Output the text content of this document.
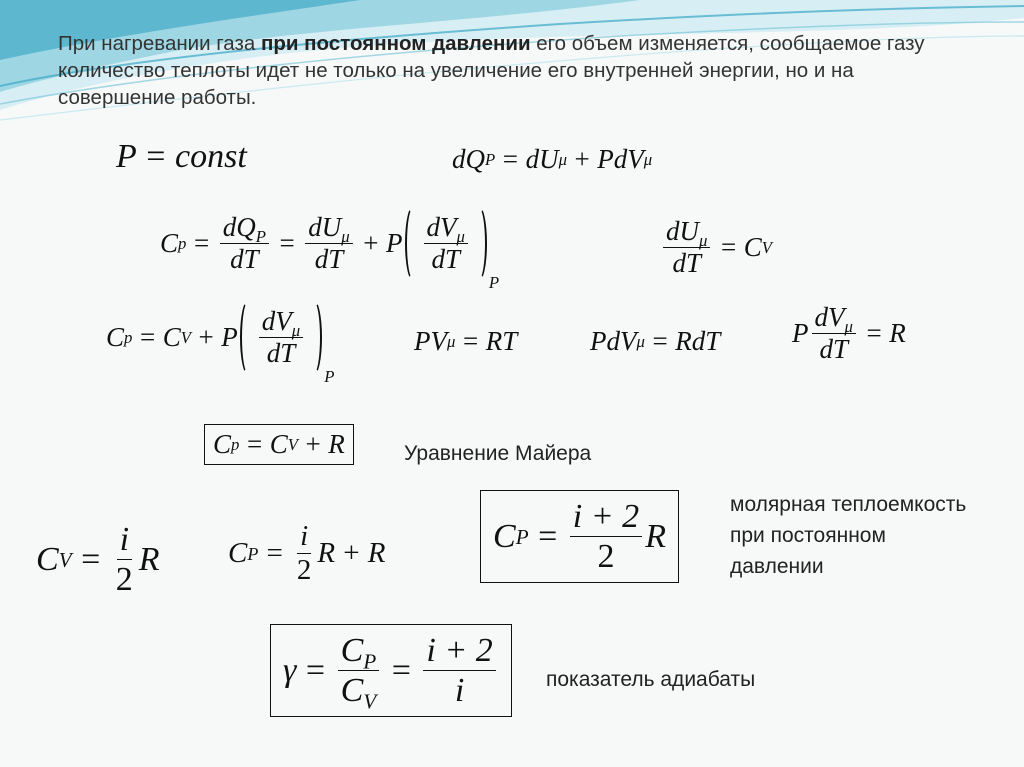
При нагревании газа при постоянном давлении его объем изменяется, сообщаемое газу количество теплоты идет не только на увеличение его внутренней энергии, но и на совершение работы.
P = const	dQ P = dU μ + PdV μ
C $p = \frac{dQ_P}{dT} = \frac{dU_\mu}{dT} + P \frac{dV_\mu}{dT}$
P
$\frac{dU_\mu}{dT} = C$ V
C p = C V + P $\frac{dV_\mu}{dT}$
P
PV μ = RT	PdV μ = RdT	P $\frac{dV_\mu}{dT} = R$
C p = C V + R	Уравнение Майера
C $V = \frac{i}{2}$ R C $P = \frac{i}{2}$ R + R	C $P = \frac{i + 2}{2}$ R
молярная теплоемкость при постоянном давлении
$\gamma = \frac{C_P}{C_V} = \frac{i + 2}{i}$ показатель адиабаты
